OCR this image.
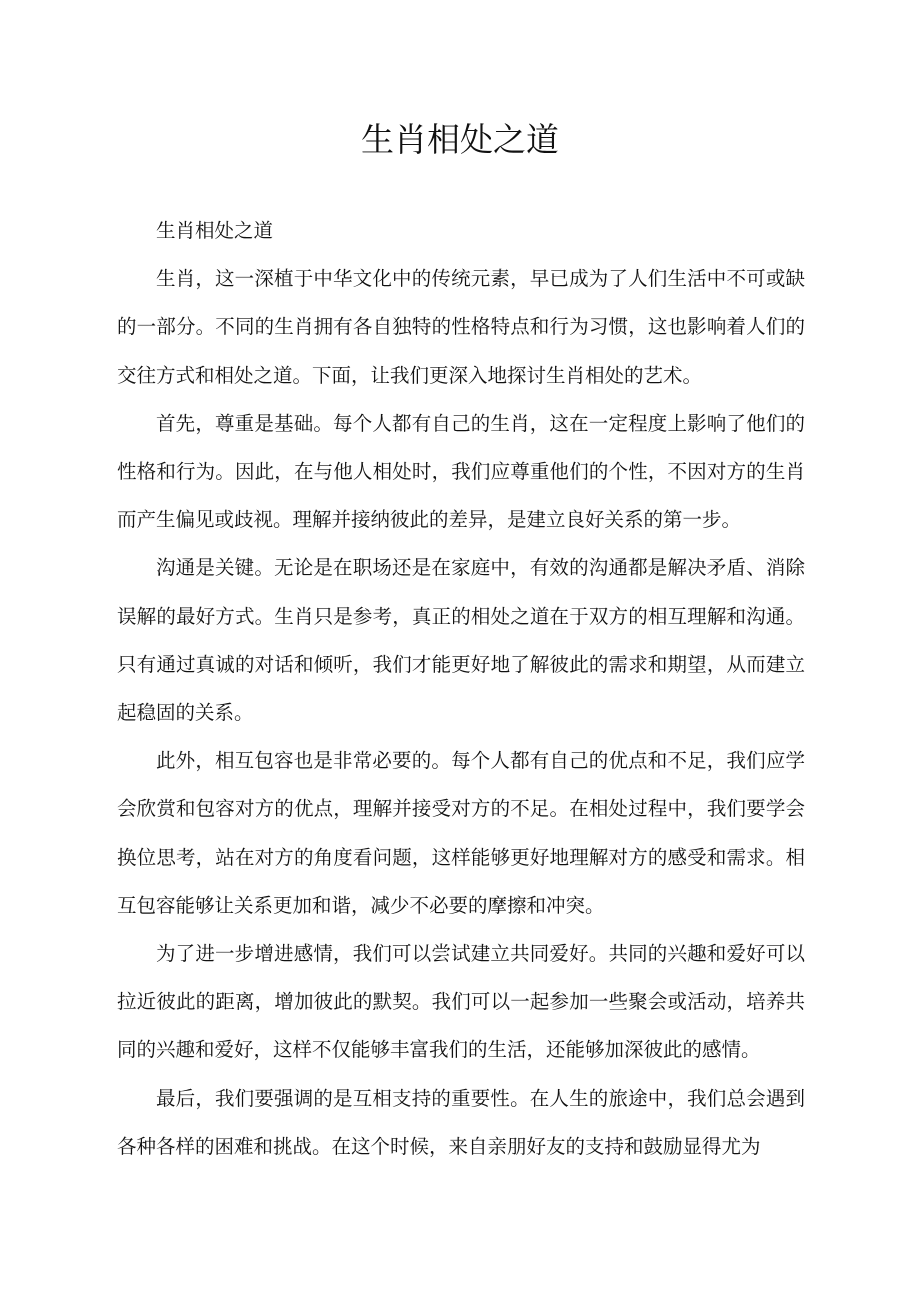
生肖相处之道

生肖相处之道

生肖，这一深植于中华文化中的传统元素，早已成为了人们生活中不可或缺的一部分。不同的生肖拥有各自独特的性格特点和行为习惯，这也影响着人们的交往方式和相处之道。下面，让我们更深入地探讨生肖相处的艺术。

首先，尊重是基础。每个人都有自己的生肖，这在一定程度上影响了他们的性格和行为。因此，在与他人相处时，我们应尊重他们的个性，不因对方的生肖而产生偏见或歧视。理解并接纳彼此的差异，是建立良好关系的第一步。

沟通是关键。无论是在职场还是在家庭中，有效的沟通都是解决矛盾、消除误解的最好方式。生肖只是参考，真正的相处之道在于双方的相互理解和沟通。只有通过真诚的对话和倾听，我们才能更好地了解彼此的需求和期望，从而建立起稳固的关系。

此外，相互包容也是非常必要的。每个人都有自己的优点和不足，我们应学会欣赏和包容对方的优点，理解并接受对方的不足。在相处过程中，我们要学会换位思考，站在对方的角度看问题，这样能够更好地理解对方的感受和需求。相互包容能够让关系更加和谐，减少不必要的摩擦和冲突。

为了进一步增进感情，我们可以尝试建立共同爱好。共同的兴趣和爱好可以拉近彼此的距离，增加彼此的默契。我们可以一起参加一些聚会或活动，培养共同的兴趣和爱好，这样不仅能够丰富我们的生活，还能够加深彼此的感情。

最后，我们要强调的是互相支持的重要性。在人生的旅途中，我们总会遇到各种各样的困难和挑战。在这个时候，来自亲朋好友的支持和鼓励显得尤为
